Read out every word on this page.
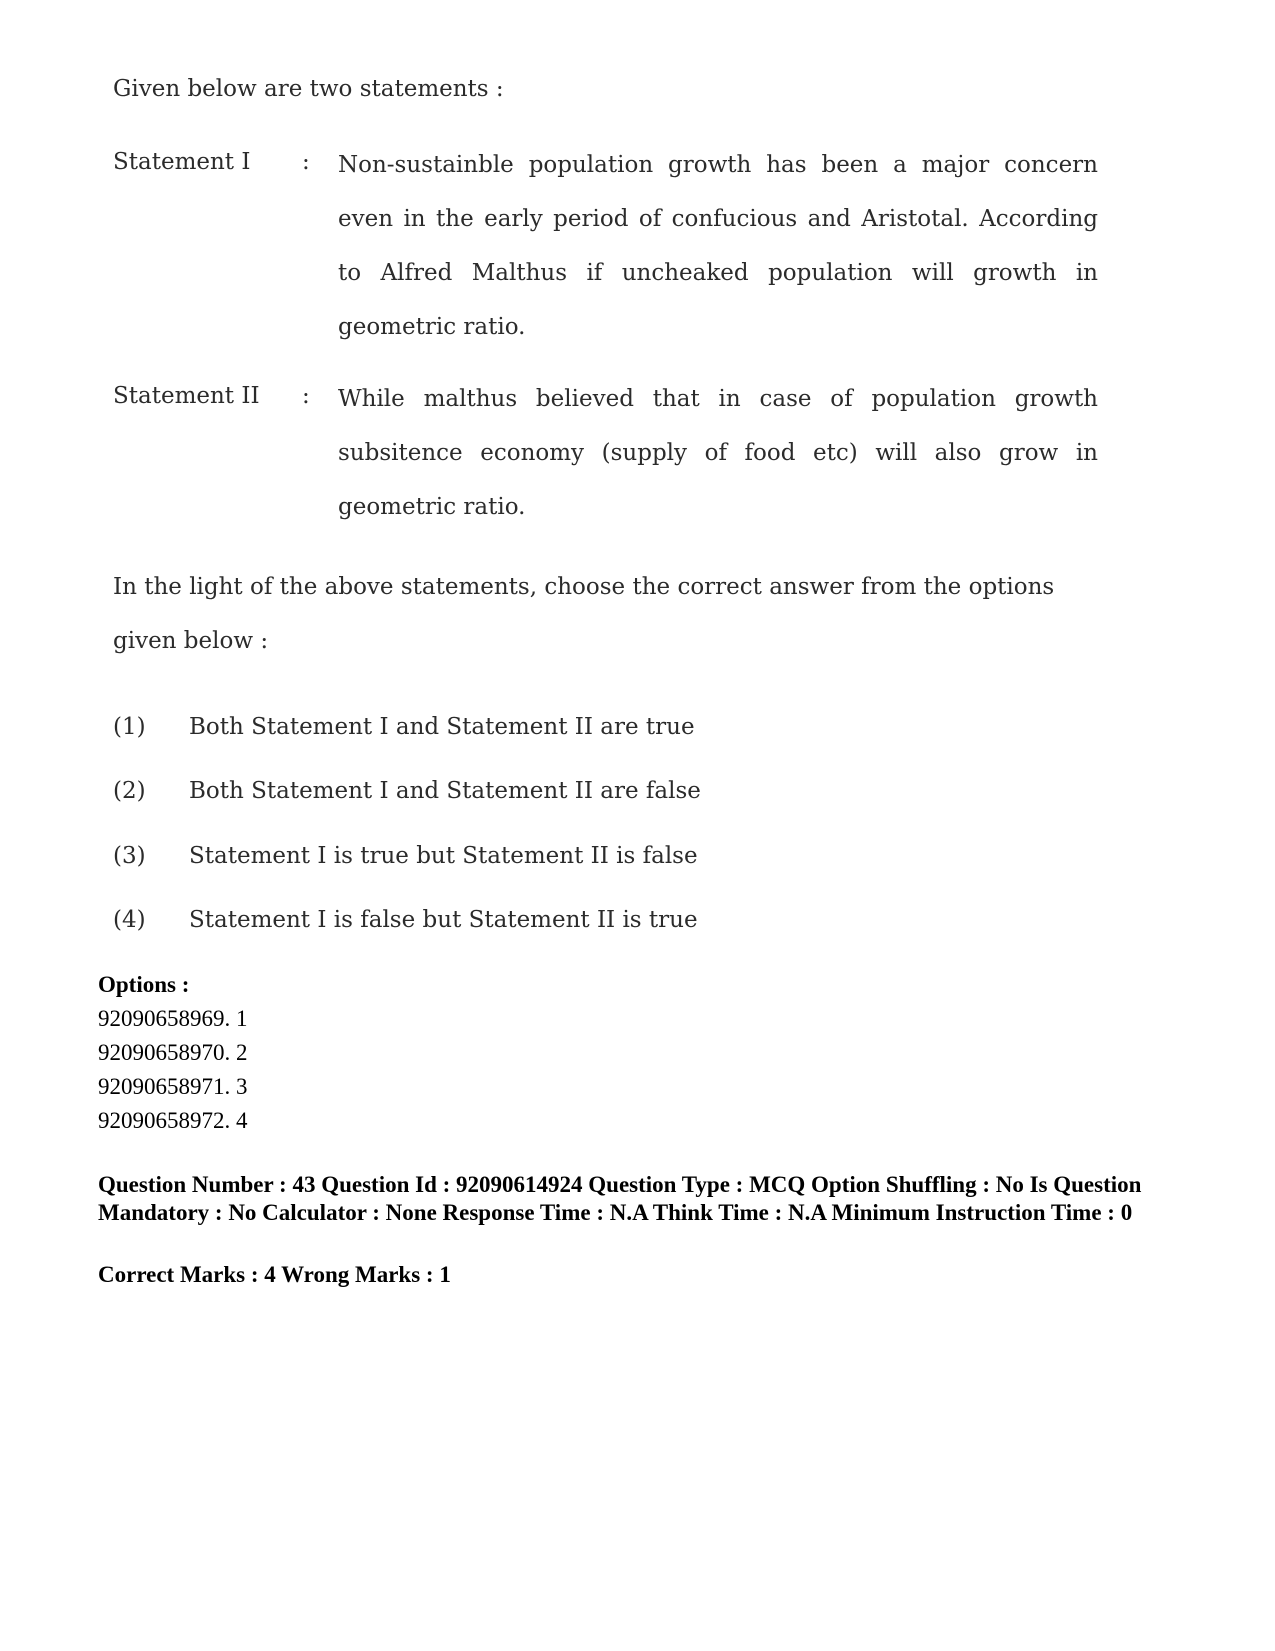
Given below are two statements :
Statement I : Non-sustainble population growth has been a major concern even in the early period of confucious and Aristotal. According to Alfred Malthus if uncheaked population will growth in geometric ratio.
Statement II : While malthus believed that in case of population growth subsitence economy (supply of food etc) will also grow in geometric ratio.
In the light of the above statements, choose the correct answer from the options given below :
(1) Both Statement I and Statement II are true
(2) Both Statement I and Statement II are false
(3) Statement I is true but Statement II is false
(4) Statement I is false but Statement II is true
Options :
92090658969. 1
92090658970. 2
92090658971. 3
92090658972. 4
Question Number : 43 Question Id : 92090614924 Question Type : MCQ Option Shuffling : No Is Question Mandatory : No Calculator : None Response Time : N.A Think Time : N.A Minimum Instruction Time : 0
Correct Marks : 4 Wrong Marks : 1
